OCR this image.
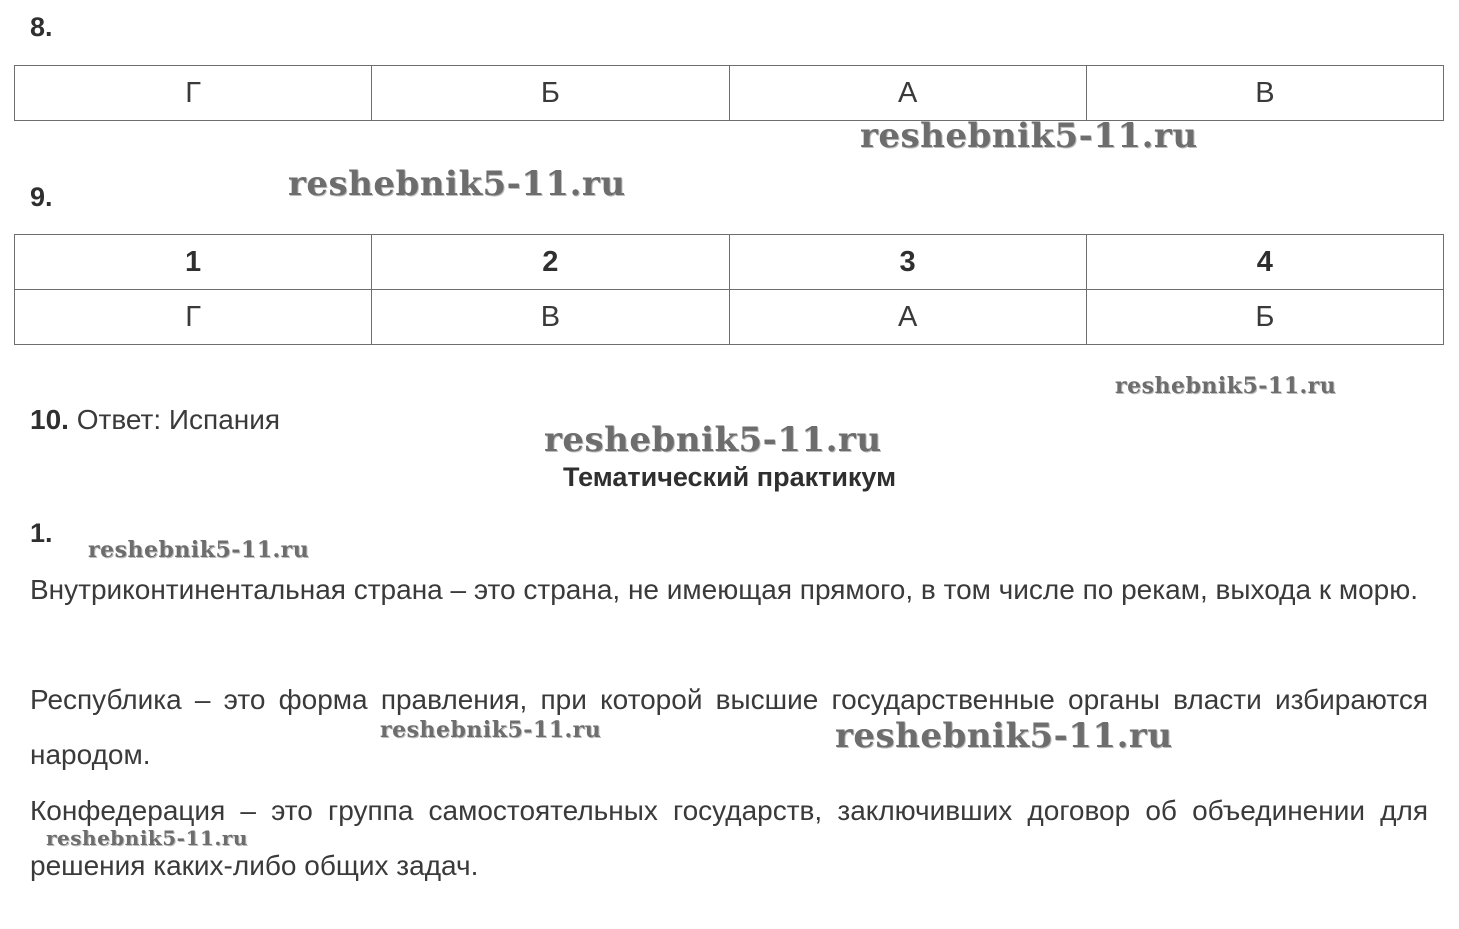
8.
Г	Б	А	В
9.
1	2	3	4
Г	В	А	Б
10. Ответ: Испания
Тематический практикум
1.
Внутриконтинентальная страна – это страна, не имеющая прямого, в том числе по рекам, выхода к морю.
Республика – это форма правления, при которой высшие государственные органы власти избираются народом.
Конфедерация – это группа самостоятельных государств, заключивших договор об объединении для решения каких-либо общих задач.
reshebnik5-11.ru
reshebnik5-11.ru
reshebnik5-11.ru
reshebnik5-11.ru
reshebnik5-11.ru
reshebnik5-11.ru	reshebnik5-11.ru
reshebnik5-11.ru
